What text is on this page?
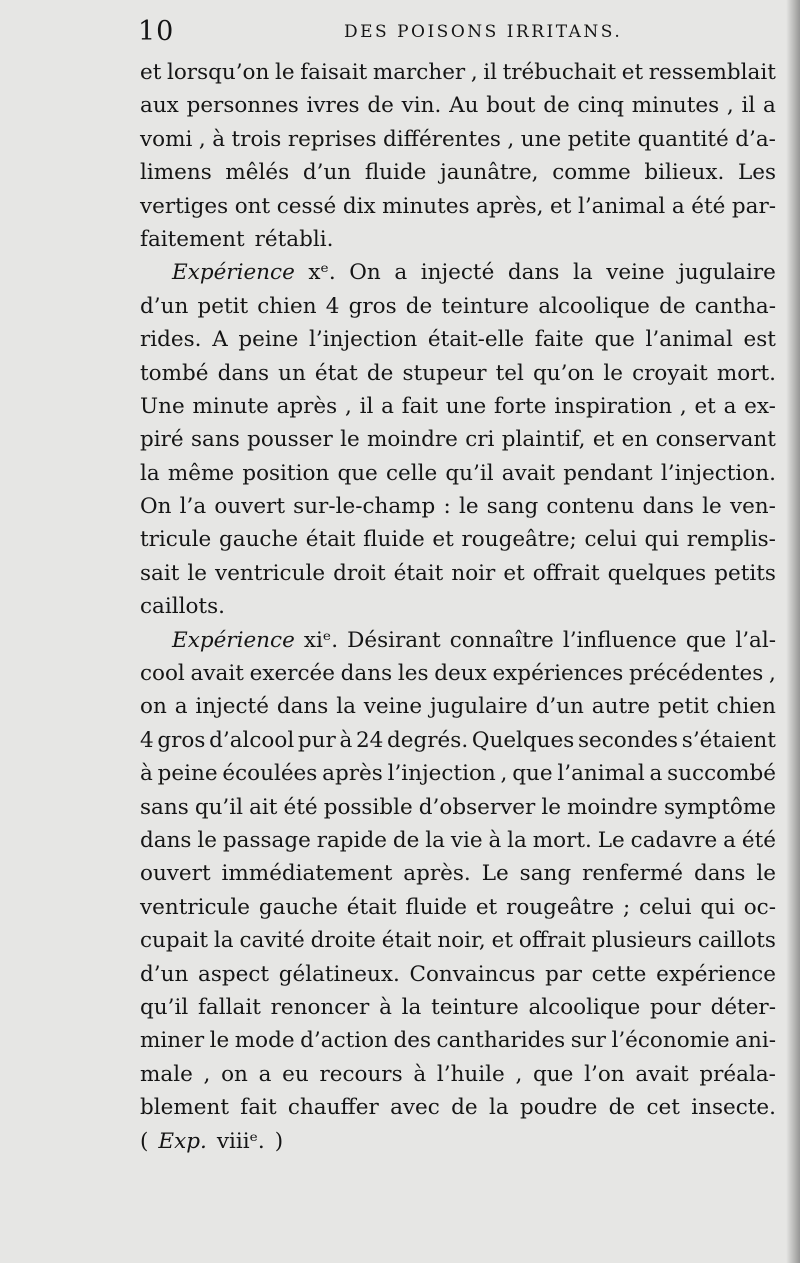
10	DES POISONS IRRITANS.
et lorsqu’on le faisait marcher , il trébuchait et ressemblait
aux personnes ivres de vin. Au bout de cinq minutes , il a
vomi , à trois reprises différentes , une petite quantité d’a-
limens mêlés d’un fluide jaunâtre, comme bilieux. Les
vertiges ont cessé dix minutes après, et l’animal a été par-
faitement rétabli.
Expérience xᵉ. On a injecté dans la veine jugulaire
d’un petit chien 4 gros de teinture alcoolique de cantha-
rides. A peine l’injection était-elle faite que l’animal est
tombé dans un état de stupeur tel qu’on le croyait mort.
Une minute après , il a fait une forte inspiration , et a ex-
piré sans pousser le moindre cri plaintif, et en conservant
la même position que celle qu’il avait pendant l’injection.
On l’a ouvert sur-le-champ : le sang contenu dans le ven-
tricule gauche était fluide et rougeâtre; celui qui remplis-
sait le ventricule droit était noir et offrait quelques petits
caillots.
Expérience xiᵉ. Désirant connaître l’influence que l’al-
cool avait exercée dans les deux expériences précédentes ,
on a injecté dans la veine jugulaire d’un autre petit chien
4 gros d’alcool pur à 24 degrés. Quelques secondes s’étaient
à peine écoulées après l’injection , que l’animal a succombé
sans qu’il ait été possible d’observer le moindre symptôme
dans le passage rapide de la vie à la mort. Le cadavre a été
ouvert immédiatement après. Le sang renfermé dans le
ventricule gauche était fluide et rougeâtre ; celui qui oc-
cupait la cavité droite était noir, et offrait plusieurs caillots
d’un aspect gélatineux. Convaincus par cette expérience
qu’il fallait renoncer à la teinture alcoolique pour déter-
miner le mode d’action des cantharides sur l’économie ani-
male , on a eu recours à l’huile , que l’on avait préala-
blement fait chauffer avec de la poudre de cet insecte.
( Exp. viiiᵉ. )
